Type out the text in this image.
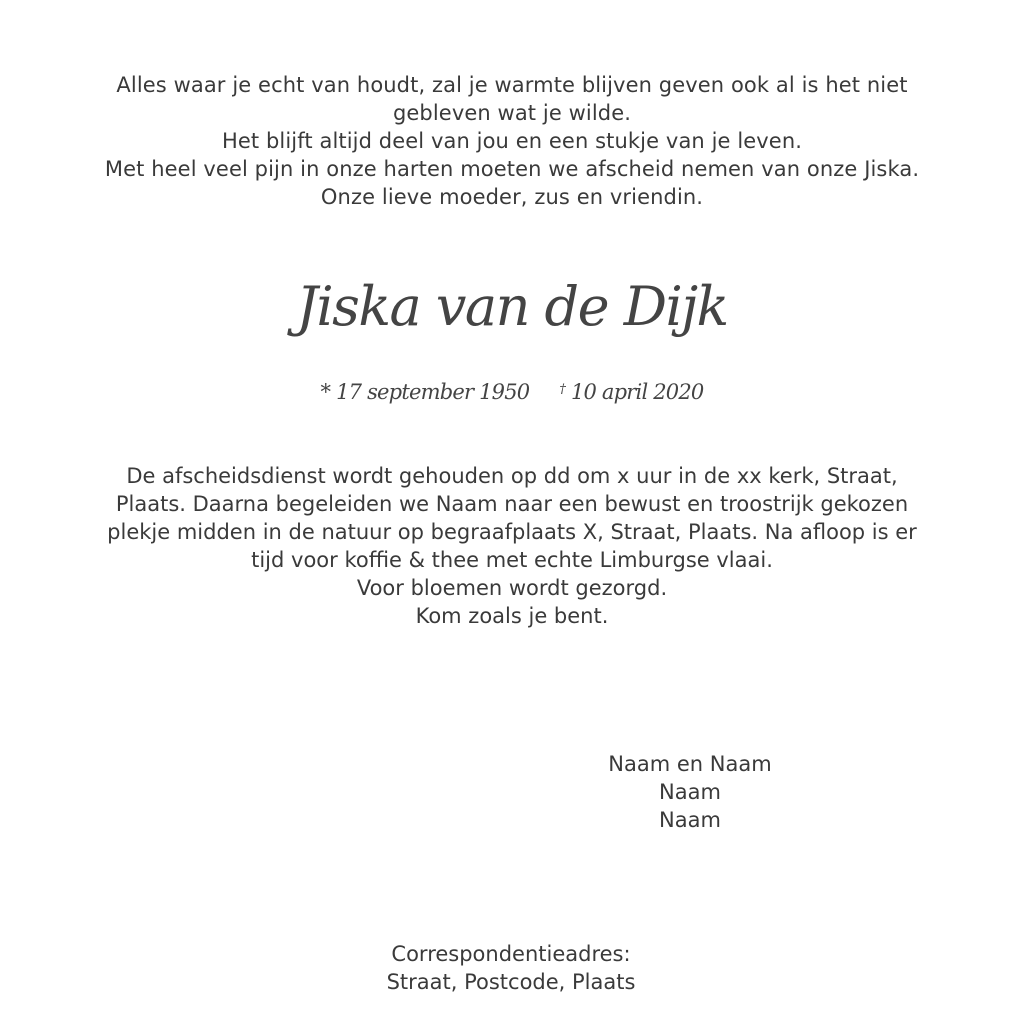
Alles waar je echt van houdt, zal je warmte blijven geven ook al is het niet
gebleven wat je wilde.
Het blijft altijd deel van jou en een stukje van je leven.
Met heel veel pijn in onze harten moeten we afscheid nemen van onze Jiska.
Onze lieve moeder, zus en vriendin.
Jiska van de Dijk
* 17 september 1950 † 10 april 2020
De afscheidsdienst wordt gehouden op dd om x uur in de xx kerk, Straat,
Plaats. Daarna begeleiden we Naam naar een bewust en troostrijk gekozen
plekje midden in de natuur op begraafplaats X, Straat, Plaats. Na afloop is er
tijd voor koffie & thee met echte Limburgse vlaai.
Voor bloemen wordt gezorgd.
Kom zoals je bent.
Naam en Naam
Naam
Naam
Correspondentieadres:
Straat, Postcode, Plaats
